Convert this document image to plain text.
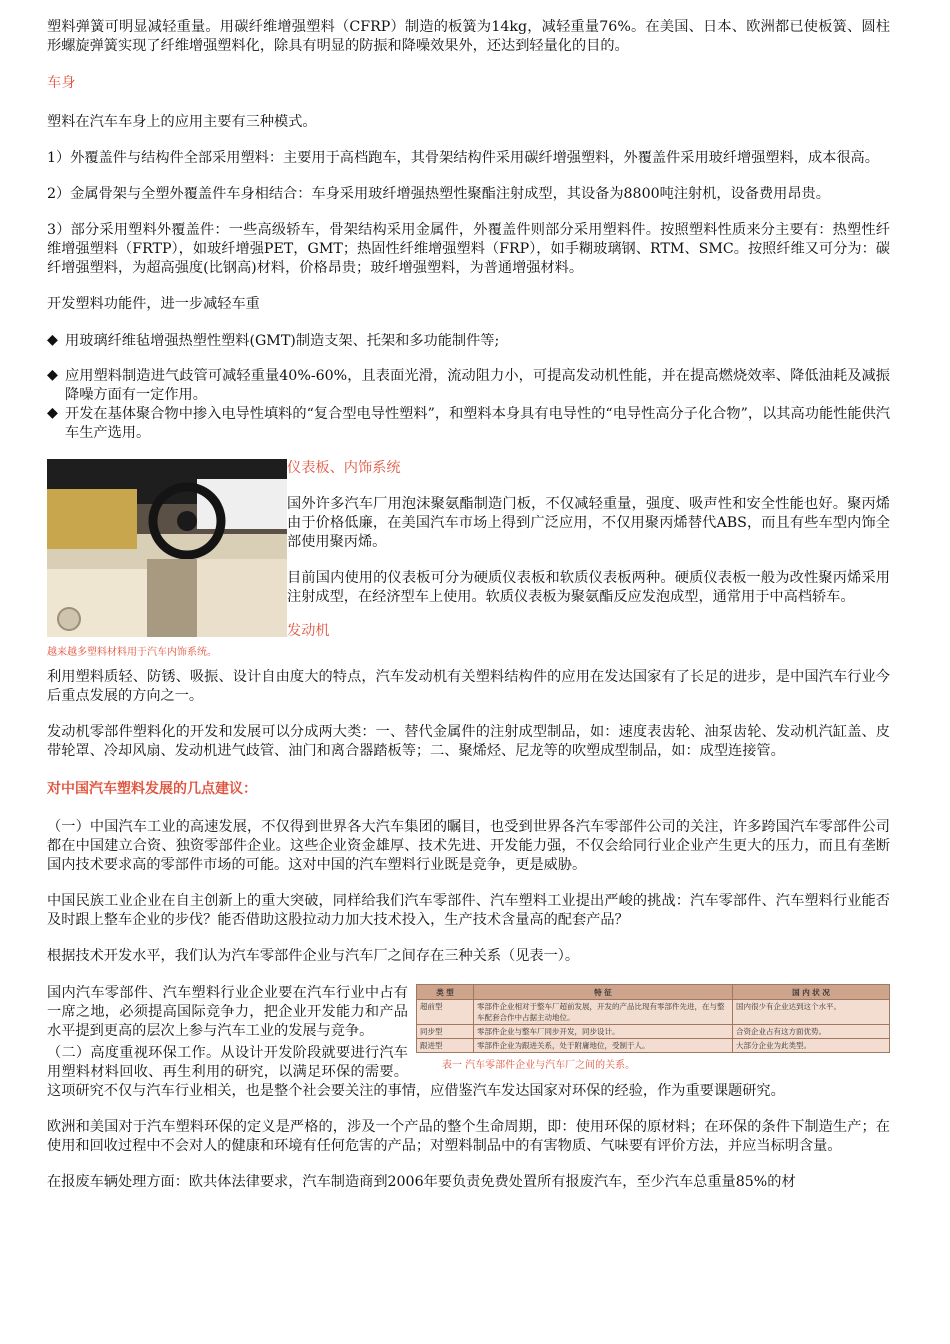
塑料弹簧可明显减轻重量。用碳纤维增强塑料（CFRP）制造的板簧为14kg，减轻重量76%。在美国、日本、欧洲都已使板簧、圆柱形螺旋弹簧实现了纤维增强塑料化，除具有明显的防振和降噪效果外，还达到轻量化的目的。

车身

塑料在汽车车身上的应用主要有三种模式。

1）外覆盖件与结构件全部采用塑料：主要用于高档跑车，其骨架结构件采用碳纤增强塑料，外覆盖件采用玻纤增强塑料，成本很高。

2）金属骨架与全塑外覆盖件车身相结合：车身采用玻纤增强热塑性聚酯注射成型，其设备为8800吨注射机，设备费用昂贵。

3）部分采用塑料外覆盖件：一些高级轿车，骨架结构采用金属件，外覆盖件则部分采用塑料件。按照塑料性质来分主要有：热塑性纤维增强塑料（FRTP），如玻纤增强PET，GMT；热固性纤维增强塑料（FRP），如手糊玻璃钢、RTM、SMC。按照纤维又可分为：碳纤增强塑料，为超高强度(比钢高)材料，价格昂贵；玻纤增强塑料，为普通增强材料。

开发塑料功能件，进一步减轻车重

◆ 用玻璃纤维毡增强热塑性塑料(GMT)制造支架、托架和多功能制件等;

◆ 应用塑料制造进气歧管可减轻重量40%-60%，且表面光滑，流动阻力小，可提高发动机性能，并在提高燃烧效率、降低油耗及减振降噪方面有一定作用。

◆ 开发在基体聚合物中掺入电导性填料的“复合型电导性塑料”，和塑料本身具有电导性的“电导性高分子化合物”，以其高功能性能供汽车生产选用。

越来越多塑料材料用于汽车内饰系统。

仪表板、内饰系统

国外许多汽车厂用泡沫聚氨酯制造门板，不仅减轻重量，强度、吸声性和安全性能也好。聚丙烯由于价格低廉，在美国汽车市场上得到广泛应用，不仅用聚丙烯替代ABS，而且有些车型内饰全部使用聚丙烯。

目前国内使用的仪表板可分为硬质仪表板和软质仪表板两种。硬质仪表板一般为改性聚丙烯采用注射成型，在经济型车上使用。软质仪表板为聚氨酯反应发泡成型，通常用于中高档轿车。

发动机

利用塑料质轻、防锈、吸振、设计自由度大的特点，汽车发动机有关塑料结构件的应用在发达国家有了长足的进步，是中国汽车行业今后重点发展的方向之一。

发动机零部件塑料化的开发和发展可以分成两大类：一、替代金属件的注射成型制品，如：速度表齿轮、油泵齿轮、发动机汽缸盖、皮带轮罩、冷却风扇、发动机进气歧管、油门和离合器踏板等；二、聚烯烃、尼龙等的吹塑成型制品，如：成型连接管。

对中国汽车塑料发展的几点建议：

（一）中国汽车工业的高速发展，不仅得到世界各大汽车集团的瞩目，也受到世界各汽车零部件公司的关注，许多跨国汽车零部件公司都在中国建立合资、独资零部件企业。这些企业资金雄厚、技术先进、开发能力强，不仅会给同行业企业产生更大的压力，而且有垄断国内技术要求高的零部件市场的可能。这对中国的汽车塑料行业既是竞争，更是威胁。

中国民族工业企业在自主创新上的重大突破，同样给我们汽车零部件、汽车塑料工业提出严峻的挑战：汽车零部件、汽车塑料行业能否及时跟上整车企业的步伐？能否借助这股拉动力加大技术投入，生产技术含量高的配套产品？

根据技术开发水平，我们认为汽车零部件企业与汽车厂之间存在三种关系（见表一）。

类 型	特 征	国 内 状 况
超前型	零部件企业相对于整车厂超前发展，开发的产品比现有零部件先进，在与整车配套合作中占据主动地位。	国内很少有企业达到这个水平。
同步型	零部件企业与整车厂同步开发，同步设计。	合资企业占有这方面优势。
跟进型	零部件企业为跟进关系，处于附庸地位，受制于人。	大部分企业为此类型。
表一 汽车零部件企业与汽车厂之间的关系。

国内汽车零部件、汽车塑料行业企业要在汽车行业中占有一席之地，必须提高国际竞争力，把企业开发能力和产品水平提到更高的层次上参与汽车工业的发展与竞争。

（二）高度重视环保工作。从设计开发阶段就要进行汽车用塑料材料回收、再生利用的研究，以满足环保的需要。这项研究不仅与汽车行业相关，也是整个社会要关注的事情，应借鉴汽车发达国家对环保的经验，作为重要课题研究。

欧洲和美国对于汽车塑料环保的定义是严格的，涉及一个产品的整个生命周期，即：使用环保的原材料；在环保的条件下制造生产；在使用和回收过程中不会对人的健康和环境有任何危害的产品；对塑料制品中的有害物质、气味要有评价方法，并应当标明含量。

在报废车辆处理方面：欧共体法律要求，汽车制造商到2006年要负责免费处置所有报废汽车，至少汽车总重量85%的材
